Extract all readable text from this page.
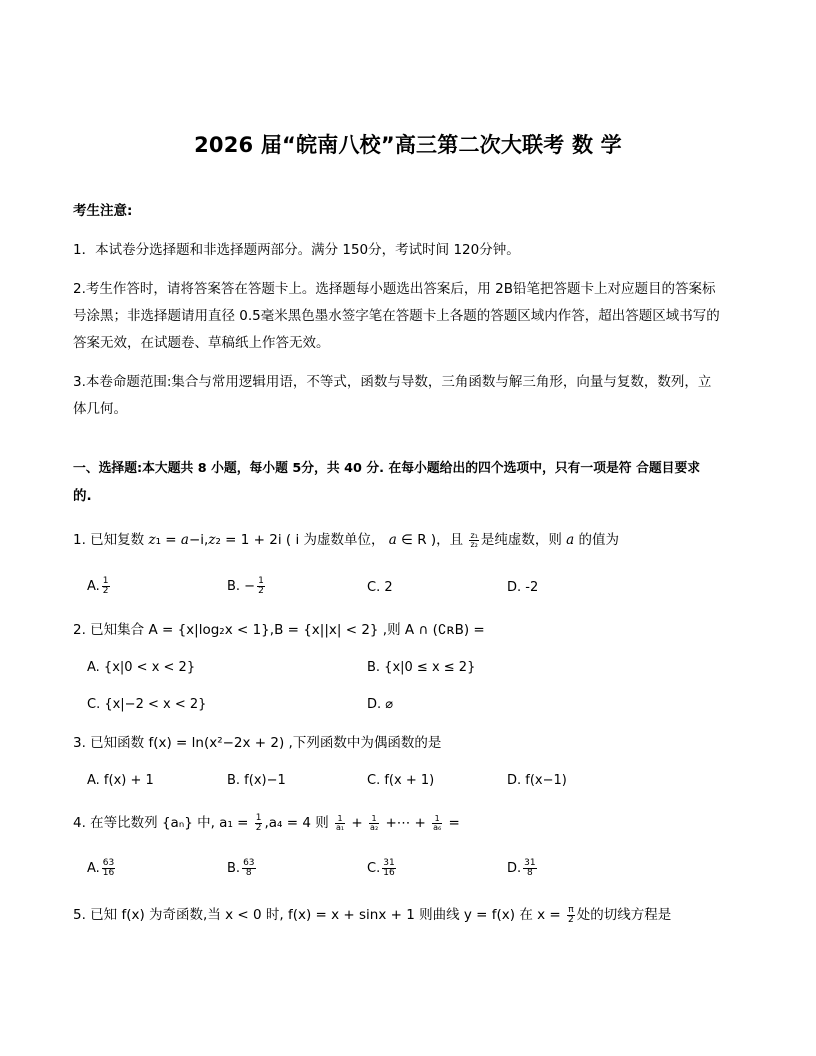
2026 届“皖南八校”高三第二次大联考 数 学
考生注意:
1．本试卷分选择题和非选择题两部分。满分 150分，考试时间 120分钟。
2.考生作答时，请将答案答在答题卡上。选择题每小题选出答案后，用 2B铅笔把答题卡上对应题目的答案标
号涂黑；非选择题请用直径 0.5毫米黑色墨水签字笔在答题卡上各题的答题区域内作答，超出答题区域书写的
答案无效，在试题卷、草稿纸上作答无效。
3.本卷命题范围:集合与常用逻辑用语，不等式，函数与导数，三角函数与解三角形，向量与复数，数列，立
体几何。
一、选择题:本大题共 8 小题，每小题 5分，共 40 分. 在每小题给出的四个选项中，只有一项是符 合题目要求
的.
1. 已知复数 z₁ = a−i,z₂ = 1 + 2i ( i 为虚数单位， a ∈ R )，且 $\frac{\text{z₁}}{\text{z₂}}$ 是纯虚数，则 a 的值为
A. $\frac{1}{2}$	B. − $\frac{1}{2}$	C. 2	D. -2
2. 已知集合 A = {x|log₂x < 1},B = {x||x| < 2} ,则 A ∩ (∁ʀB) =
A. {x|0 < x < 2}	B. {x|0 ≤ x ≤ 2}
C. {x|−2 < x < 2}	D. ⌀
3. 已知函数 f(x) = ln(x²−2x + 2) ,下列函数中为偶函数的是
A. f(x) + 1	B. f(x)−1	C. f(x + 1)	D. f(x−1)
4. 在等比数列 {aₙ} 中, $a_1 = \frac{1}{2} ,a_4 = 4$ 则 $\frac{1}{\text{a₁}} + \frac{1}{\text{a₂}}$ +⋯ + $\frac{1}{\text{a₆}}$ =
A. $\frac{63}{16}$	B. $\frac{63}{8}$	C. $\frac{31}{16}$	D. $\frac{31}{8}$
5. 已知 f(x) 为奇函数,当 x < 0 时, f(x) = x + sinx + 1 则曲线 y = f(x) 在 $x = \frac{\pi}{2}$ 处的切线方程是
